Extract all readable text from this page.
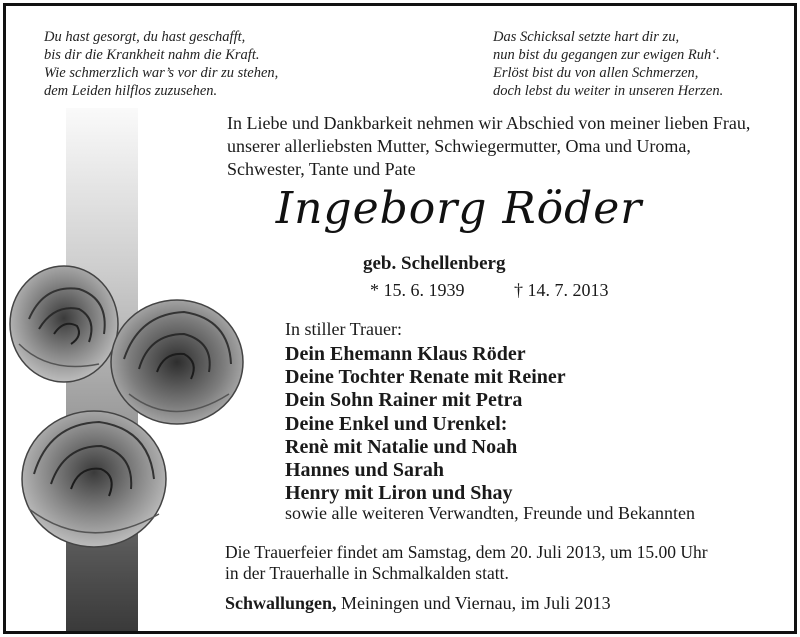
Du hast gesorgt, du hast geschafft,
bis dir die Krankheit nahm die Kraft.
Wie schmerzlich war’s vor dir zu stehen,
dem Leiden hilflos zuzusehen.
Das Schicksal setzte hart dir zu,
nun bist du gegangen zur ewigen Ruh‘.
Erlöst bist du von allen Schmerzen,
doch lebst du weiter in unseren Herzen.
In Liebe und Dankbarkeit nehmen wir Abschied von meiner lieben Frau, unserer allerliebsten Mutter, Schwiegermutter, Oma und Uroma, Schwester, Tante und Pate
Ingeborg Röder
geb. Schellenberg
* 15. 6. 1939	† 14. 7. 2013
In stiller Trauer:
Dein Ehemann Klaus Röder
Deine Tochter Renate mit Reiner
Dein Sohn Rainer mit Petra
Deine Enkel und Urenkel:
Renè mit Natalie und Noah
Hannes und Sarah
Henry mit Liron und Shay
sowie alle weiteren Verwandten, Freunde und Bekannten
Die Trauerfeier findet am Samstag, dem 20. Juli 2013, um 15.00 Uhr
in der Trauerhalle in Schmalkalden statt.
Schwallungen, Meiningen und Viernau, im Juli 2013
